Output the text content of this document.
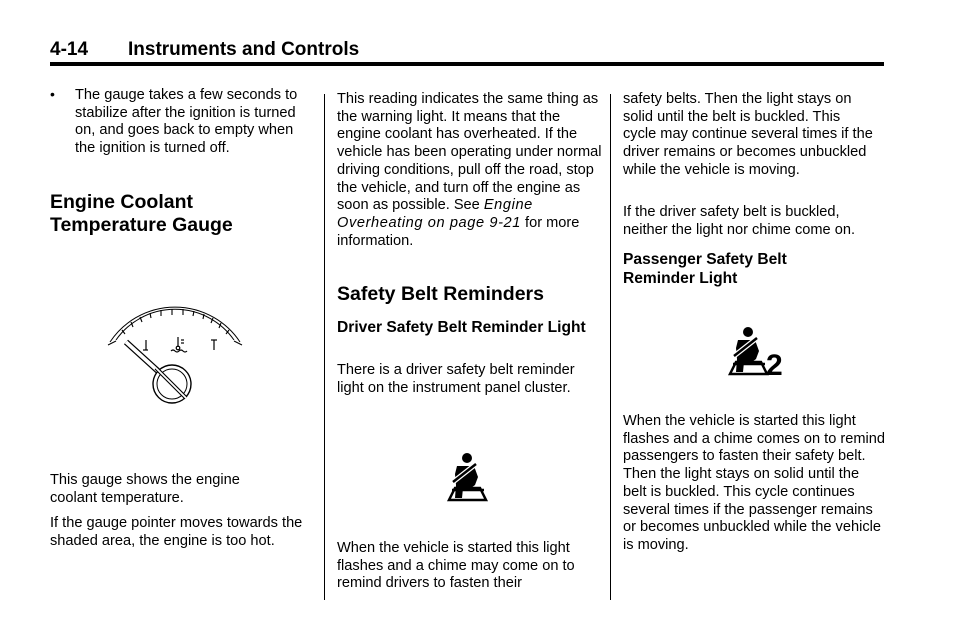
4-14 Instruments and Controls
• The gauge takes a few seconds to stabilize after the ignition is turned on, and goes back to empty when the ignition is turned off.

Engine Coolant
Temperature Gauge

This gauge shows the engine coolant temperature.

If the gauge pointer moves towards the shaded area, the engine is too hot.

This reading indicates the same thing as the warning light. It means that the engine coolant has overheated. If the vehicle has been operating under normal driving conditions, pull off the road, stop the vehicle, and turn off the engine as soon as possible. See Engine Overheating on page 9-21 for more information.

Safety Belt Reminders
Driver Safety Belt Reminder Light

There is a driver safety belt reminder light on the instrument panel cluster.

When the vehicle is started this light flashes and a chime may come on to remind drivers to fasten their

safety belts. Then the light stays on solid until the belt is buckled. This cycle may continue several times if the driver remains or becomes unbuckled while the vehicle is moving.

If the driver safety belt is buckled, neither the light nor chime come on.

Passenger Safety Belt Reminder Light
2

When the vehicle is started this light flashes and a chime comes on to remind passengers to fasten their safety belt. Then the light stays on solid until the belt is buckled. This cycle continues several times if the passenger remains or becomes unbuckled while the vehicle is moving.
